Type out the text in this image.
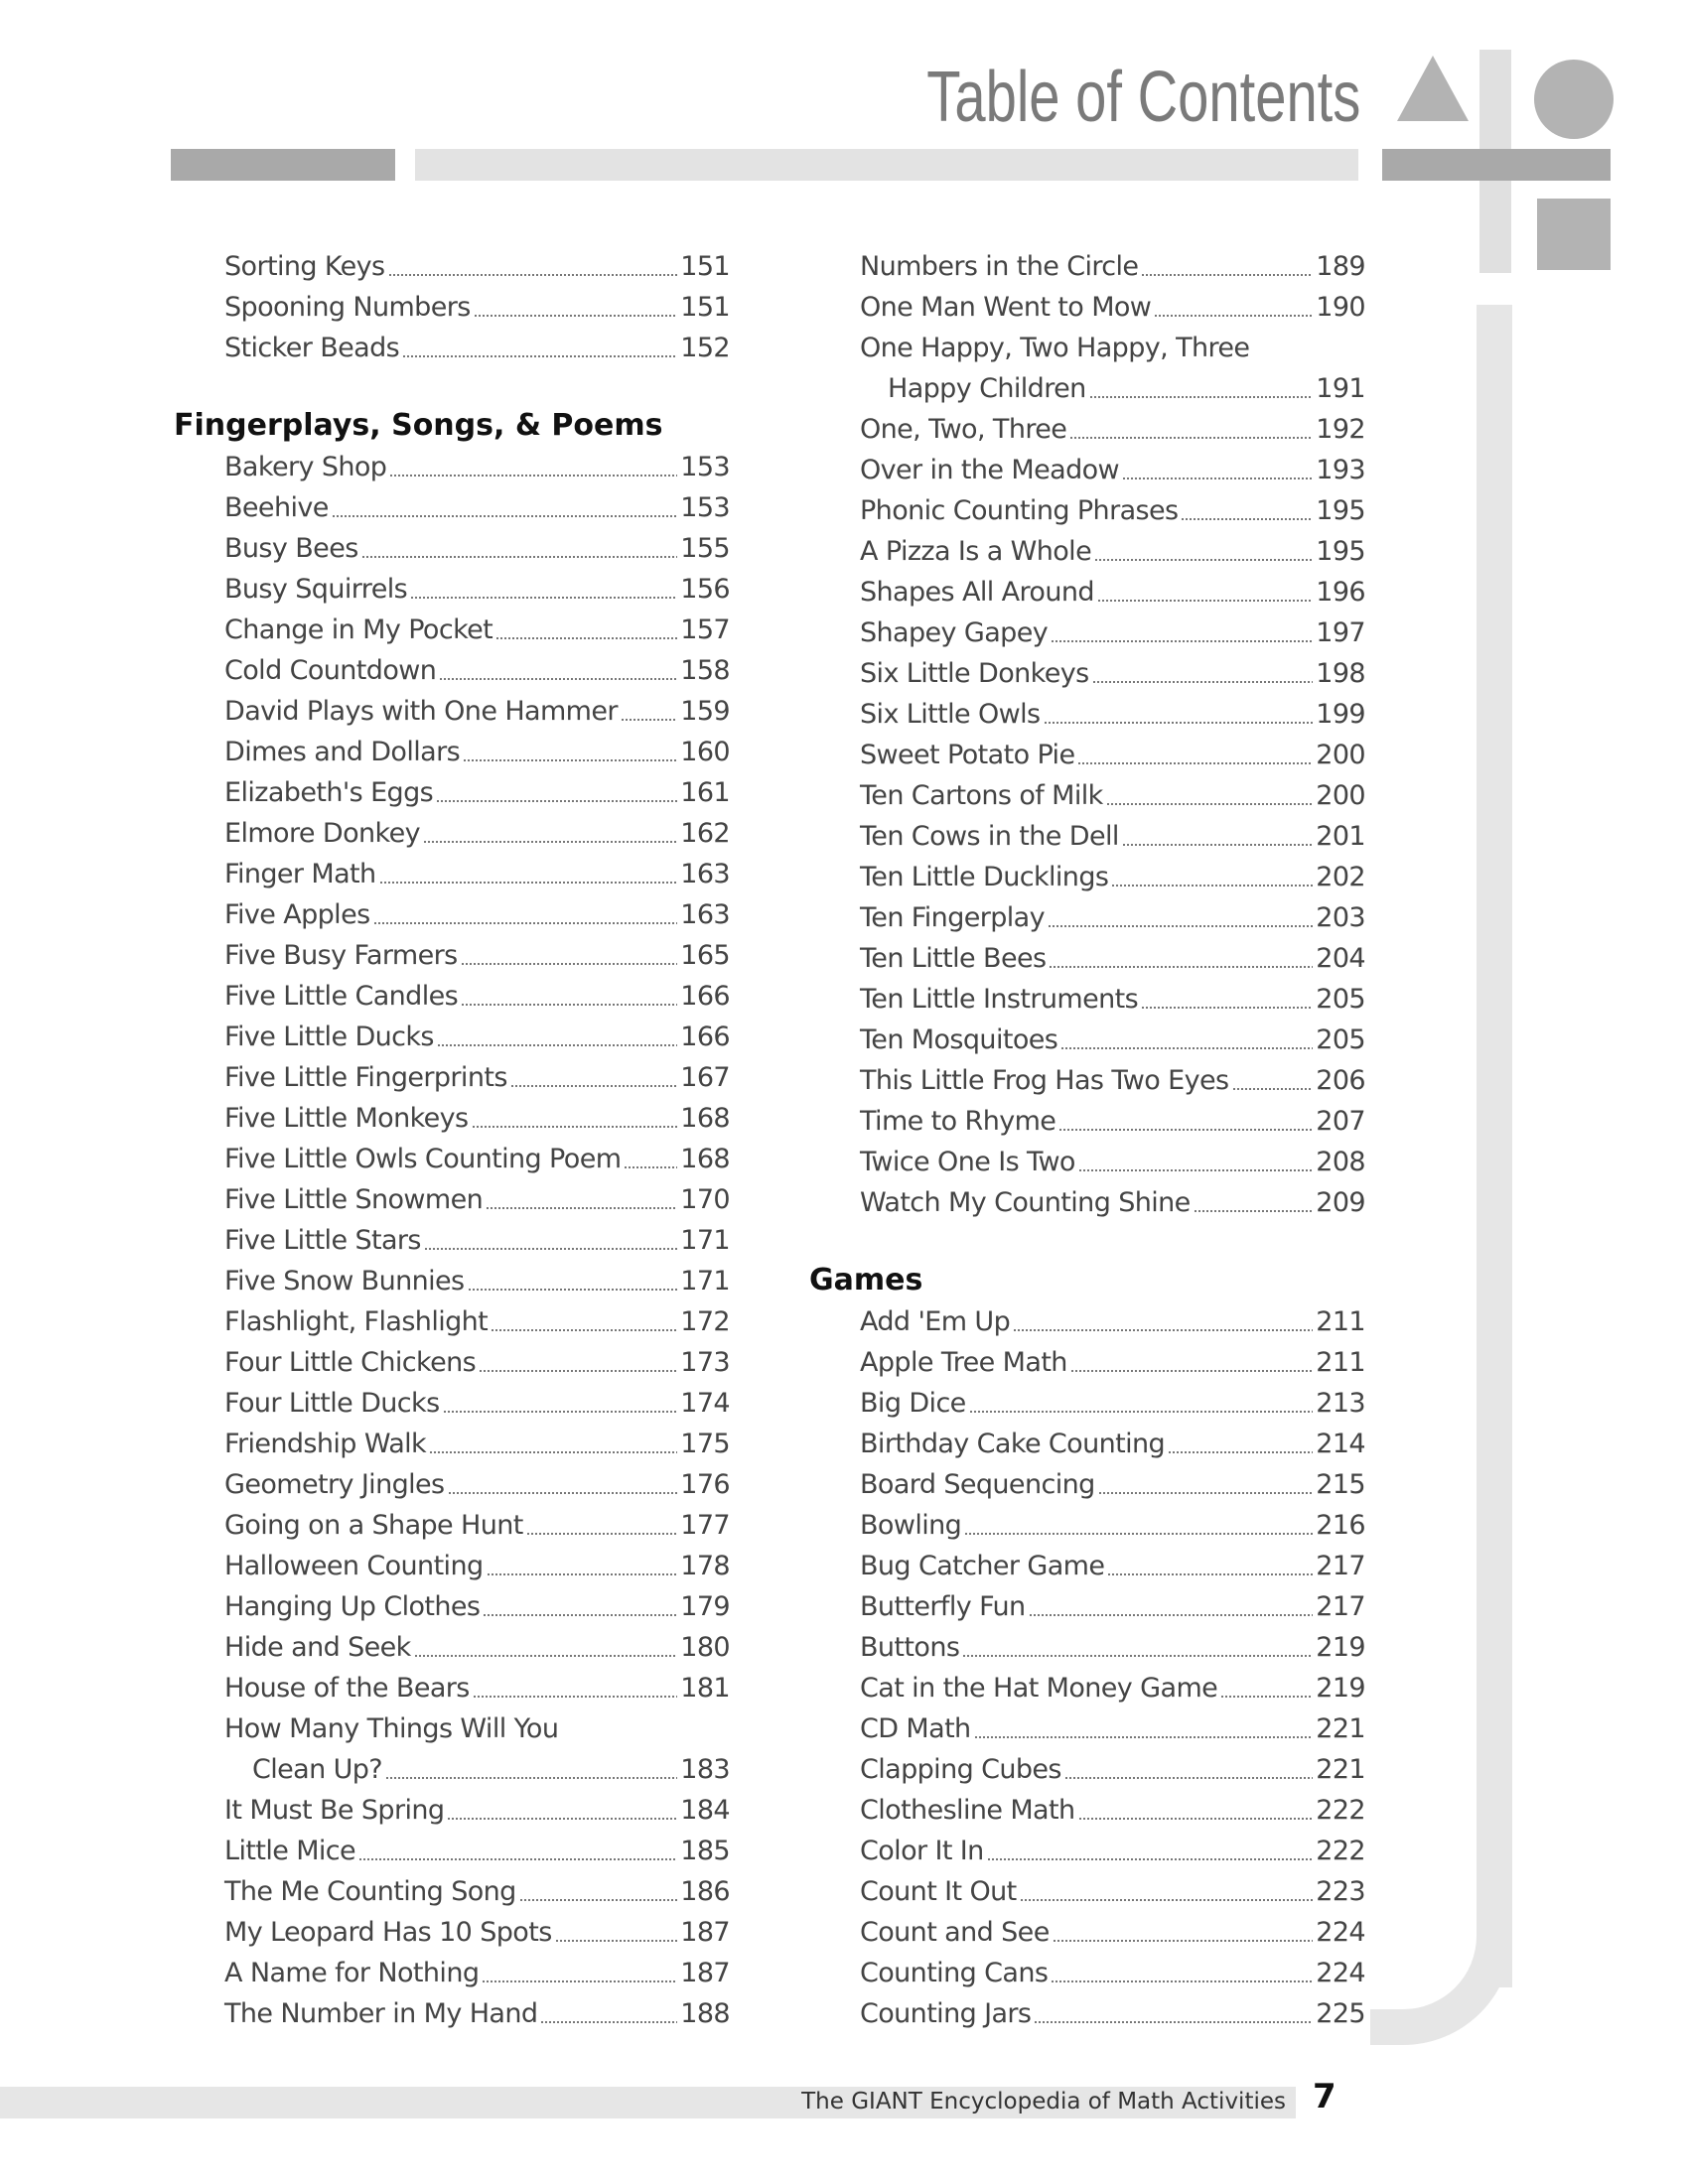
Table of Contents
Sorting Keys	151
Spooning Numbers	151
Sticker Beads	152
Fingerplays, Songs, & Poems
Bakery Shop	153
Beehive	153
Busy Bees	155
Busy Squirrels	156
Change in My Pocket	157
Cold Countdown	158
David Plays with One Hammer 159
Dimes and Dollars	160
Elizabeth's Eggs	161
Elmore Donkey	162
Finger Math	163
Five Apples	163
Five Busy Farmers	165
Five Little Candles	166
Five Little Ducks	166
Five Little Fingerprints	167
Five Little Monkeys	168
Five Little Owls Counting Poem 168
Five Little Snowmen	170
Five Little Stars	171
Five Snow Bunnies	171
Flashlight, Flashlight	172
Four Little Chickens	173
Four Little Ducks	174
Friendship Walk	175
Geometry Jingles	176
Going on a Shape Hunt	177
Halloween Counting	178
Hanging Up Clothes	179
Hide and Seek	180
House of the Bears	181
How Many Things Will You
Clean Up?	183
It Must Be Spring	184
Little Mice	185
The Me Counting Song	186
My Leopard Has 10 Spots	187
A Name for Nothing	187
The Number in My Hand	188
Numbers in the Circle	189
One Man Went to Mow	190
One Happy, Two Happy, Three
Happy Children	191
One, Two, Three	192
Over in the Meadow	193
Phonic Counting Phrases	195
A Pizza Is a Whole	195
Shapes All Around	196
Shapey Gapey	197
Six Little Donkeys	198
Six Little Owls	199
Sweet Potato Pie	200
Ten Cartons of Milk	200
Ten Cows in the Dell	201
Ten Little Ducklings	202
Ten Fingerplay	203
Ten Little Bees	204
Ten Little Instruments	205
Ten Mosquitoes	205
This Little Frog Has Two Eyes	206
Time to Rhyme	207
Twice One Is Two	208
Watch My Counting Shine	209
Games
Add 'Em Up	211
Apple Tree Math	211
Big Dice	213
Birthday Cake Counting	214
Board Sequencing	215
Bowling	216
Bug Catcher Game	217
Butterfly Fun	217
Buttons	219
Cat in the Hat Money Game	219
CD Math	221
Clapping Cubes	221
Clothesline Math	222
Color It In	222
Count It Out	223
Count and See	224
Counting Cans	224
Counting Jars	225
The GIANT Encyclopedia of Math Activities 7
